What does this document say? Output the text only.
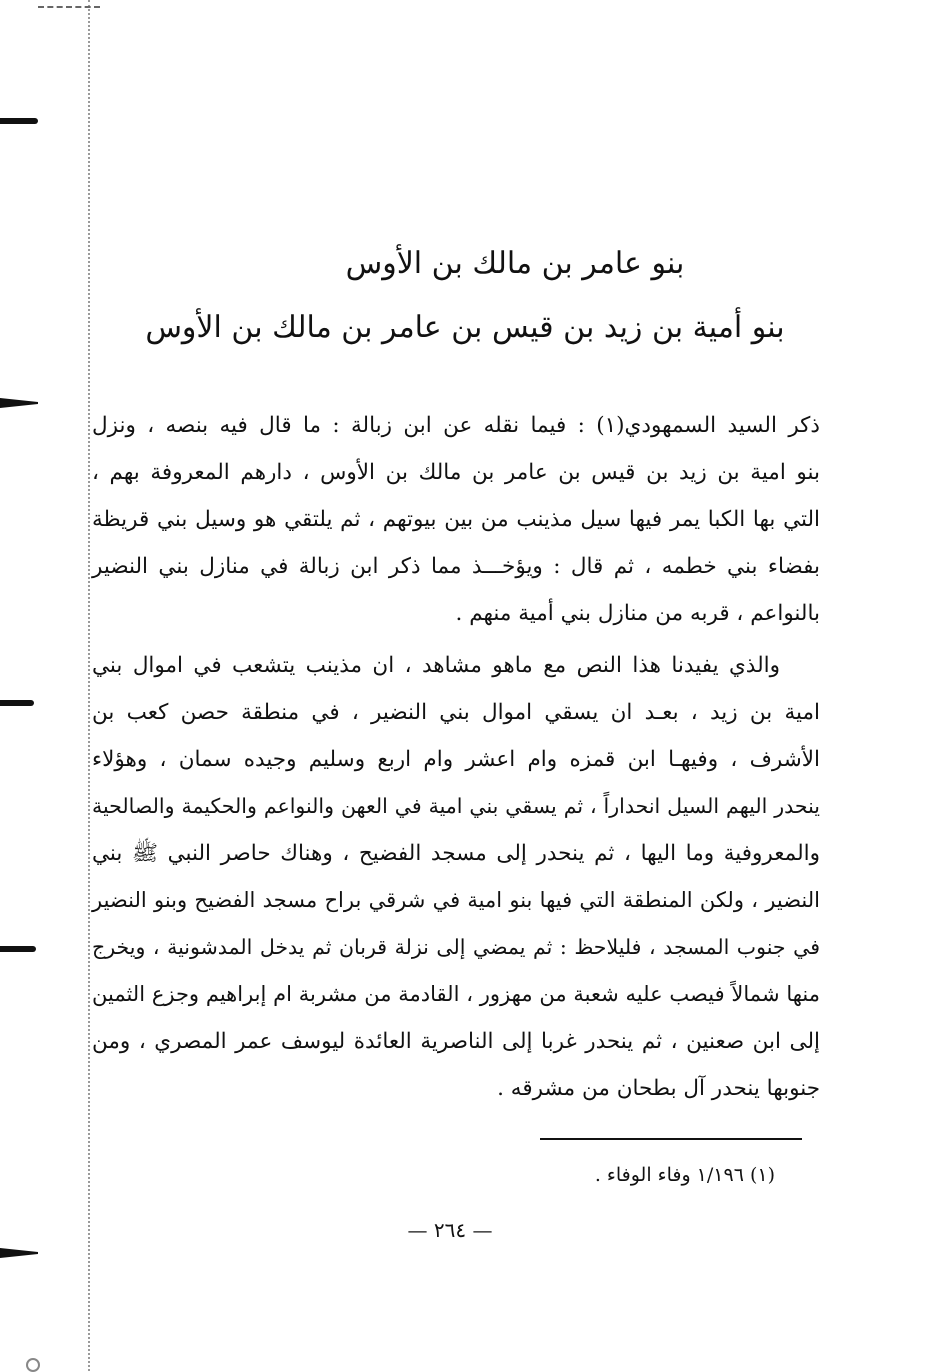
بنو عامر بن مالك بن الأوس
بنو أمية بن زيد بن قيس بن عامر بن مالك بن الأوس
ذكر السيد السمهودي(١) : فيما نقله عن ابن زبالة : ما قال فيه بنصه ، ونزل
بنو امية بن زيد بن قيس بن عامر بن مالك بن الأوس ، دارهم المعروفة بهم ،
التي بها الكبا يمر فيها سيل مذينب من بين بيوتهم ، ثم يلتقي هو وسيل بني قريظة
بفضاء بني خطمه ، ثم قال : ويؤخـــذ مما ذكر ابن زبالة في منازل بني النضير
بالنواعم ، قربه من منازل بني أمية منهم .
والذي يفيدنا هذا النص مع ماهو مشاهد ، ان مذينب يتشعب في اموال بني
امية بن زيد ، بعـد ان يسقي اموال بني النضير ، في منطقة حصن كعب بن
الأشرف ، وفيهـا ابن قمزه وام اعشر وام اربع وسليم وجيده سمان ، وهؤلاء
ينحدر اليهم السيل انحداراً ، ثم يسقي بني امية في العهن والنواعم والحكيمة والصالحية
والمعروفية وما اليها ، ثم ينحدر إلى مسجد الفضيح ، وهناك حاصر النبي ﷺ بني
النضير ، ولكن المنطقة التي فيها بنو امية في شرقي براح مسجد الفضيح وبنو النضير
في جنوب المسجد ، فليلاحظ : ثم يمضي إلى نزلة قربان ثم يدخل المدشونية ، ويخرج
منها شمالاً فيصب عليه شعبة من مهزور ، القادمة من مشربة ام إبراهيم وجزع الثمين
إلى ابن صعنين ، ثم ينحدر غربا إلى الناصرية العائدة ليوسف عمر المصري ، ومن
جنوبها ينحدر آل بطحان من مشرقه .

(١) ١/١٩٦ وفاء الوفاء .

— ٢٦٤ —
